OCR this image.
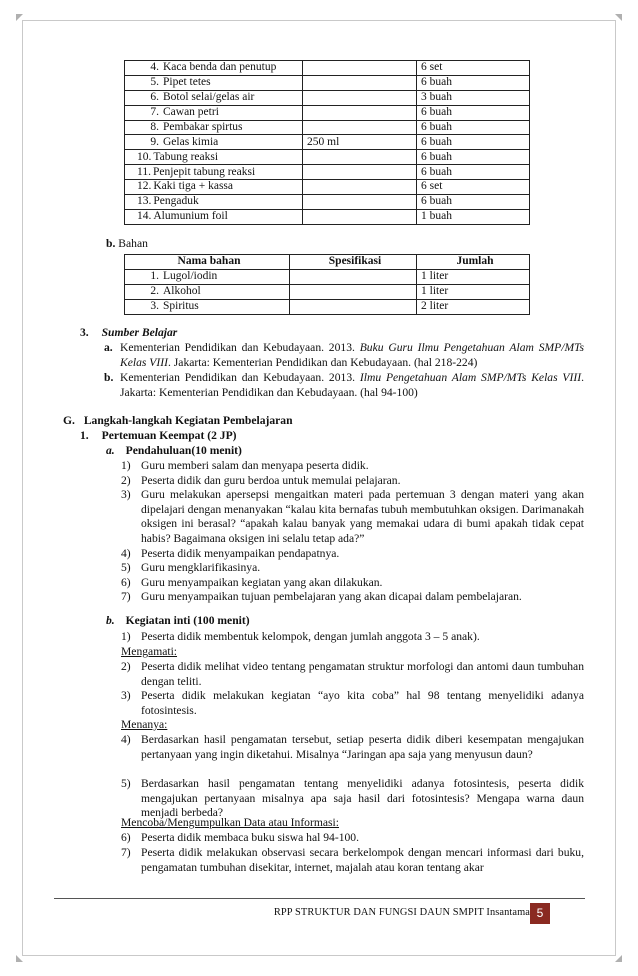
4. Kaca benda dan penutup		6 set
5. Pipet tetes		6 buah
6. Botol selai/gelas air		3 buah
7. Cawan petri		6 buah
8. Pembakar spirtus		6 buah
9. Gelas kimia	250 ml	6 buah
10. Tabung reaksi		6 buah
11. Penjepit tabung reaksi		6 buah
12. Kaki tiga + kassa		6 set
13. Pengaduk		6 buah
14. Alumunium foil		1 buah
b. Bahan
Nama bahan	Spesifikasi	Jumlah
1. Lugol/iodin		1 liter
2. Alkohol		1 liter
3. Spiritus		2 liter
3. Sumber Belajar
a. Kementerian Pendidikan dan Kebudayaan. 2013. Buku Guru Ilmu Pengetahuan Alam SMP/MTs Kelas VIII. Jakarta: Kementerian Pendidikan dan Kebudayaan. (hal 218-224)

b. Kementerian Pendidikan dan Kebudayaan. 2013. Ilmu Pengetahuan Alam SMP/MTs Kelas VIII. Jakarta: Kementerian Pendidikan dan Kebudayaan. (hal 94-100)

G. Langkah-langkah Kegiatan Pembelajaran
1. Pertemuan Keempat (2 JP)
a. Pendahuluan(10 menit)
1) Guru memberi salam dan menyapa peserta didik.

2) Peserta didik dan guru berdoa untuk memulai pelajaran.

3) Guru melakukan apersepsi mengaitkan materi pada pertemuan 3 dengan materi yang akan dipelajari dengan menanyakan “kalau kita bernafas tubuh membutuhkan oksigen. Darimanakah oksigen ini berasal? “apakah kalau banyak yang memakai udara di bumi apakah tidak cepat habis? Bagaimana oksigen ini selalu tetap ada?”

4) Peserta didik menyampaikan pendapatnya.

5) Guru mengklarifikasinya.

6) Guru menyampaikan kegiatan yang akan dilakukan.

7) Guru menyampaikan tujuan pembelajaran yang akan dicapai dalam pembelajaran.

b. Kegiatan inti (100 menit)
1) Peserta didik membentuk kelompok, dengan jumlah anggota 3 – 5 anak).

Mengamati:
2) Peserta didik melihat video tentang pengamatan struktur morfologi dan antomi daun tumbuhan dengan teliti.

3) Peserta didik melakukan kegiatan “ayo kita coba” hal 98 tentang menyelidiki adanya fotosintesis.

Menanya:
4) Berdasarkan hasil pengamatan tersebut, setiap peserta didik diberi kesempatan mengajukan pertanyaan yang ingin diketahui. Misalnya “Jaringan apa saja yang menyusun daun?

5) Berdasarkan hasil pengamatan tentang menyelidiki adanya fotosintesis, peserta didik mengajukan pertanyaan misalnya apa saja hasil dari fotosintesis? Mengapa warna daun menjadi berbeda?

Mencoba/Mengumpulkan Data atau Informasi:
6) Peserta didik membaca buku siswa hal 94-100.

7) Peserta didik melakukan observasi secara berkelompok dengan mencari informasi dari buku, pengamatan tumbuhan disekitar, internet, majalah atau koran tentang akar

RPP STRUKTUR DAN FUNGSI DAUN SMPIT Insantama 5
